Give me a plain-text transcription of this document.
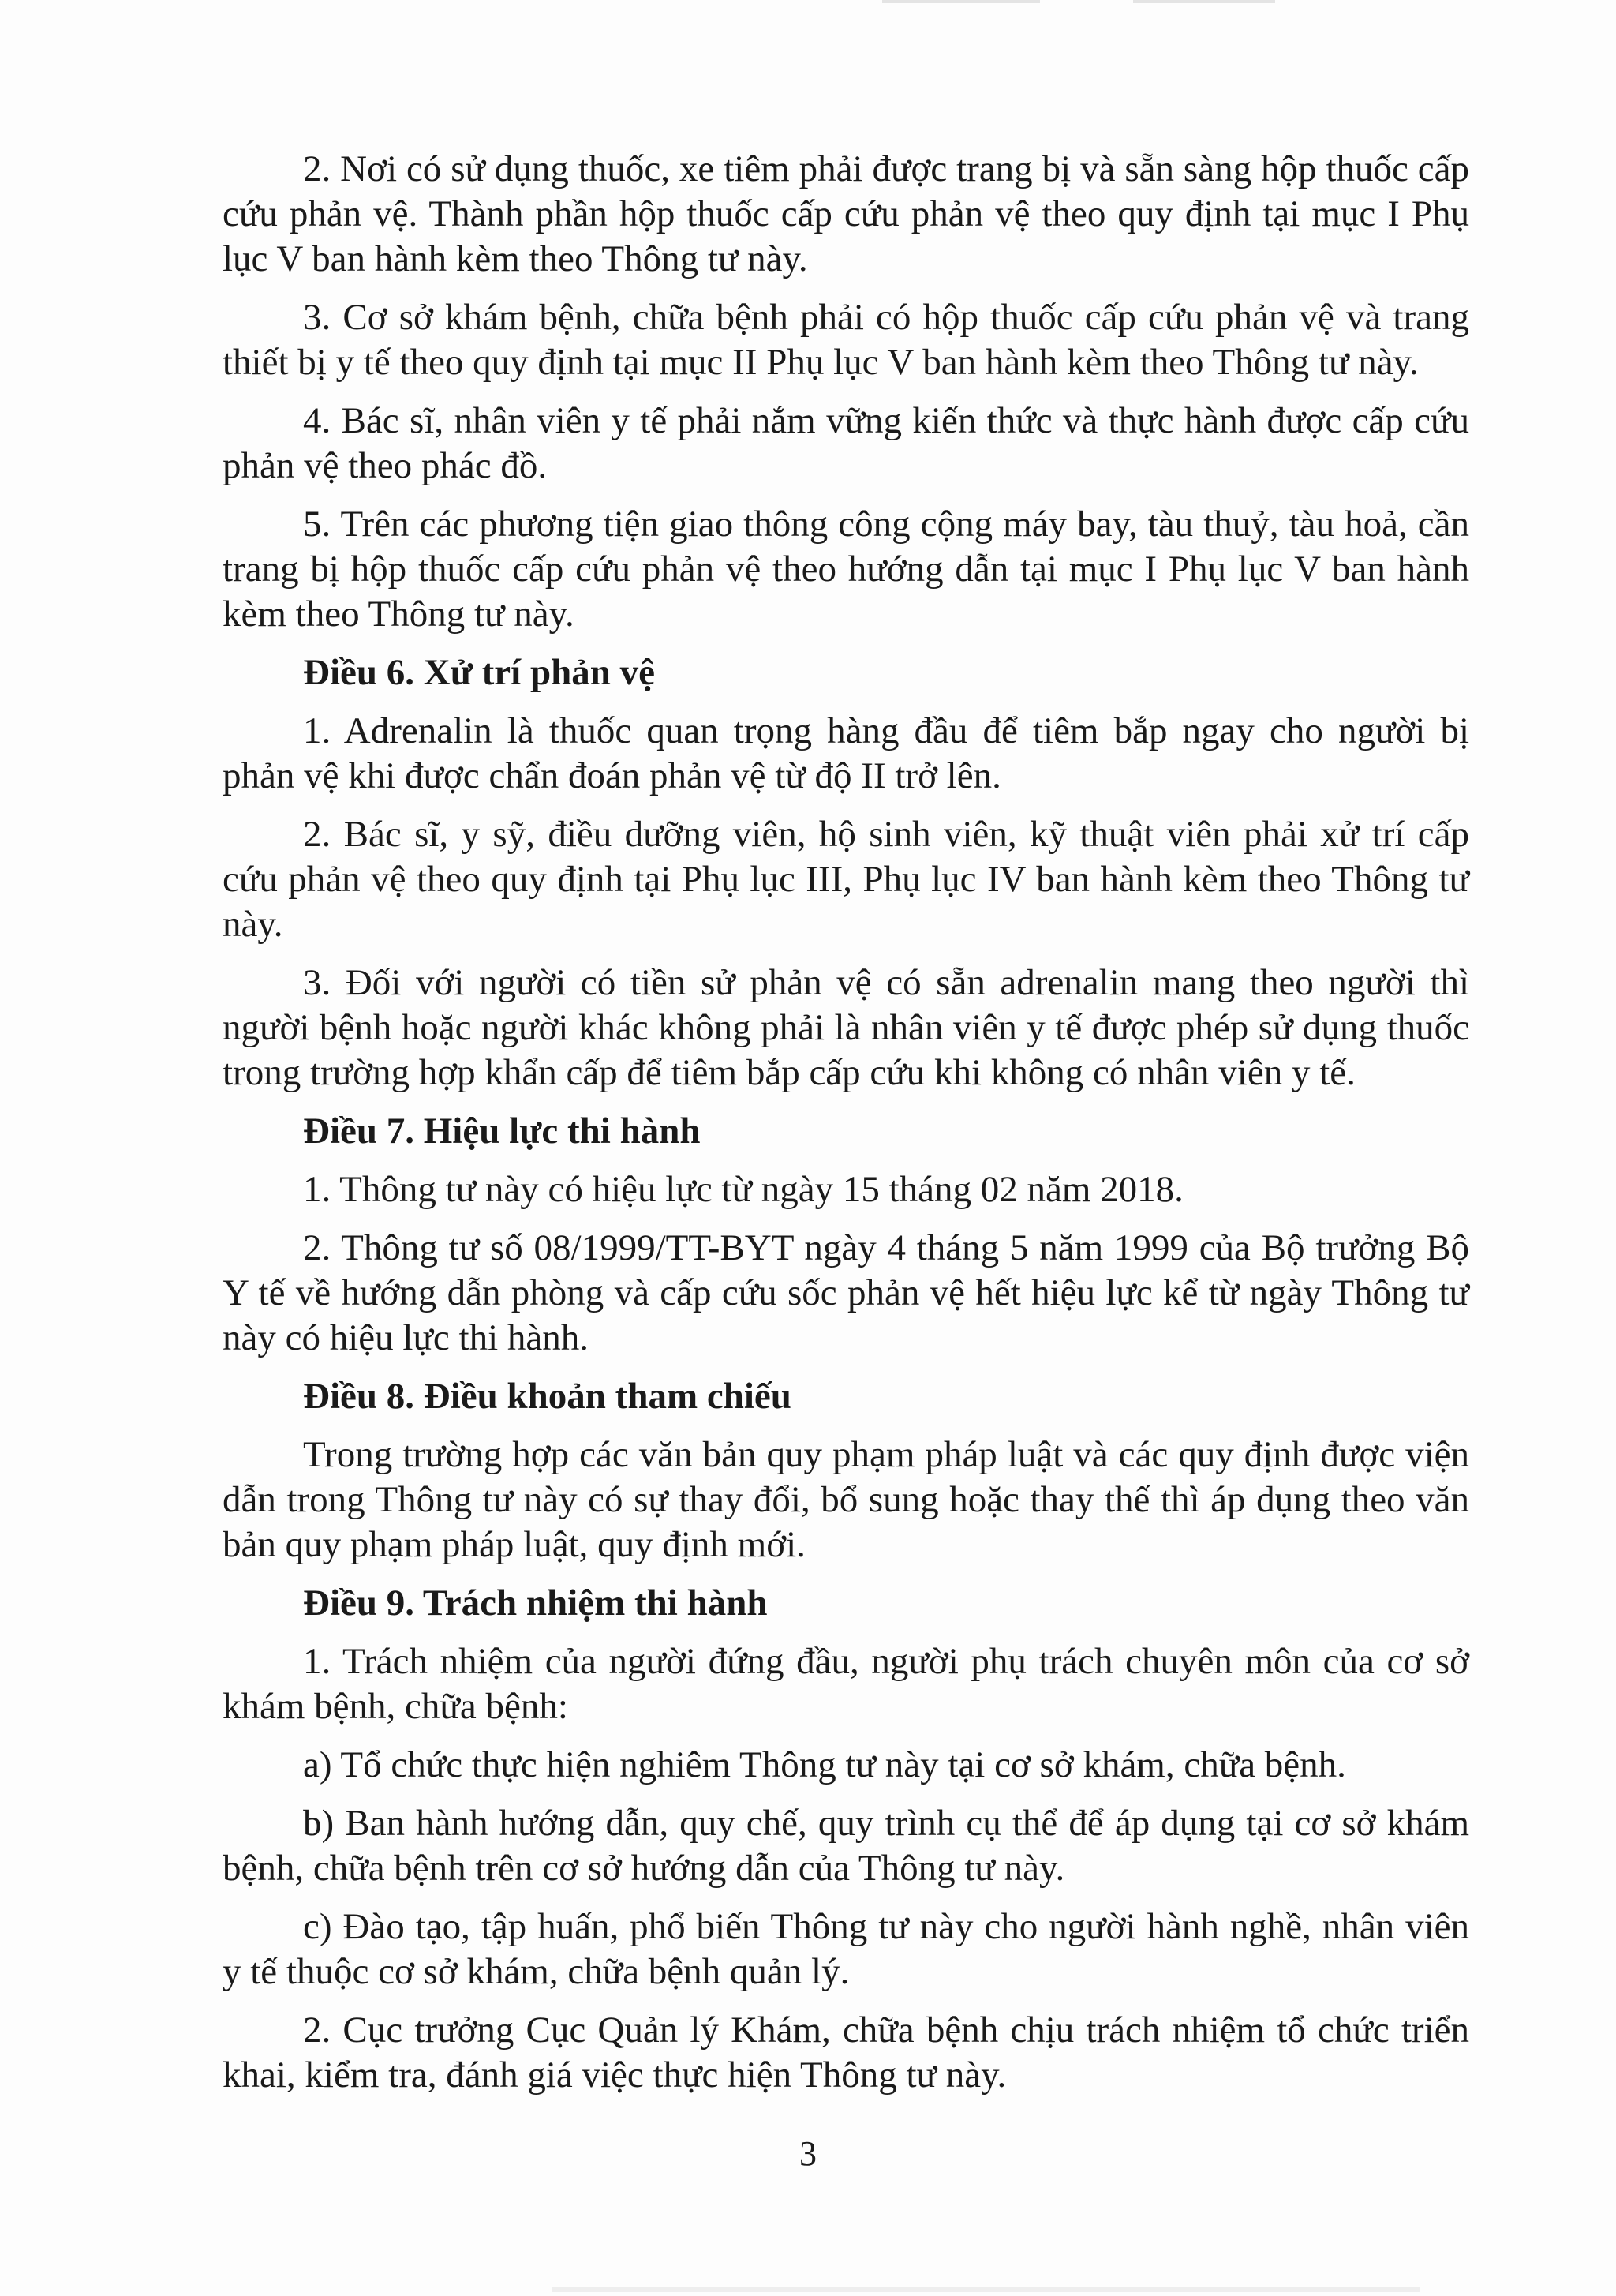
2. Nơi có sử dụng thuốc, xe tiêm phải được trang bị và sẵn sàng hộp thuốc cấp cứu phản vệ. Thành phần hộp thuốc cấp cứu phản vệ theo quy định tại mục I Phụ lục V ban hành kèm theo Thông tư này.

3. Cơ sở khám bệnh, chữa bệnh phải có hộp thuốc cấp cứu phản vệ và trang thiết bị y tế theo quy định tại mục II Phụ lục V ban hành kèm theo Thông tư này.

4. Bác sĩ, nhân viên y tế phải nắm vững kiến thức và thực hành được cấp cứu phản vệ theo phác đồ.

5. Trên các phương tiện giao thông công cộng máy bay, tàu thuỷ, tàu hoả, cần trang bị hộp thuốc cấp cứu phản vệ theo hướng dẫn tại mục I Phụ lục V ban hành kèm theo Thông tư này.

Điều 6. Xử trí phản vệ

1. Adrenalin là thuốc quan trọng hàng đầu để tiêm bắp ngay cho người bị phản vệ khi được chẩn đoán phản vệ từ độ II trở lên.

2. Bác sĩ, y sỹ, điều dưỡng viên, hộ sinh viên, kỹ thuật viên phải xử trí cấp cứu phản vệ theo quy định tại Phụ lục III, Phụ lục IV ban hành kèm theo Thông tư này.

3. Đối với người có tiền sử phản vệ có sẵn adrenalin mang theo người thì người bệnh hoặc người khác không phải là nhân viên y tế được phép sử dụng thuốc trong trường hợp khẩn cấp để tiêm bắp cấp cứu khi không có nhân viên y tế.

Điều 7. Hiệu lực thi hành

1. Thông tư này có hiệu lực từ ngày 15 tháng 02 năm 2018.

2. Thông tư số 08/1999/TT-BYT ngày 4 tháng 5 năm 1999 của Bộ trưởng Bộ Y tế về hướng dẫn phòng và cấp cứu sốc phản vệ hết hiệu lực kể từ ngày Thông tư này có hiệu lực thi hành.

Điều 8. Điều khoản tham chiếu

Trong trường hợp các văn bản quy phạm pháp luật và các quy định được viện dẫn trong Thông tư này có sự thay đổi, bổ sung hoặc thay thế thì áp dụng theo văn bản quy phạm pháp luật, quy định mới.

Điều 9. Trách nhiệm thi hành

1. Trách nhiệm của người đứng đầu, người phụ trách chuyên môn của cơ sở khám bệnh, chữa bệnh:

a) Tổ chức thực hiện nghiêm Thông tư này tại cơ sở khám, chữa bệnh.

b) Ban hành hướng dẫn, quy chế, quy trình cụ thể để áp dụng tại cơ sở khám bệnh, chữa bệnh trên cơ sở hướng dẫn của Thông tư này.

c) Đào tạo, tập huấn, phổ biến Thông tư này cho người hành nghề, nhân viên y tế thuộc cơ sở khám, chữa bệnh quản lý.

2. Cục trưởng Cục Quản lý Khám, chữa bệnh chịu trách nhiệm tổ chức triển khai, kiểm tra, đánh giá việc thực hiện Thông tư này.

3
